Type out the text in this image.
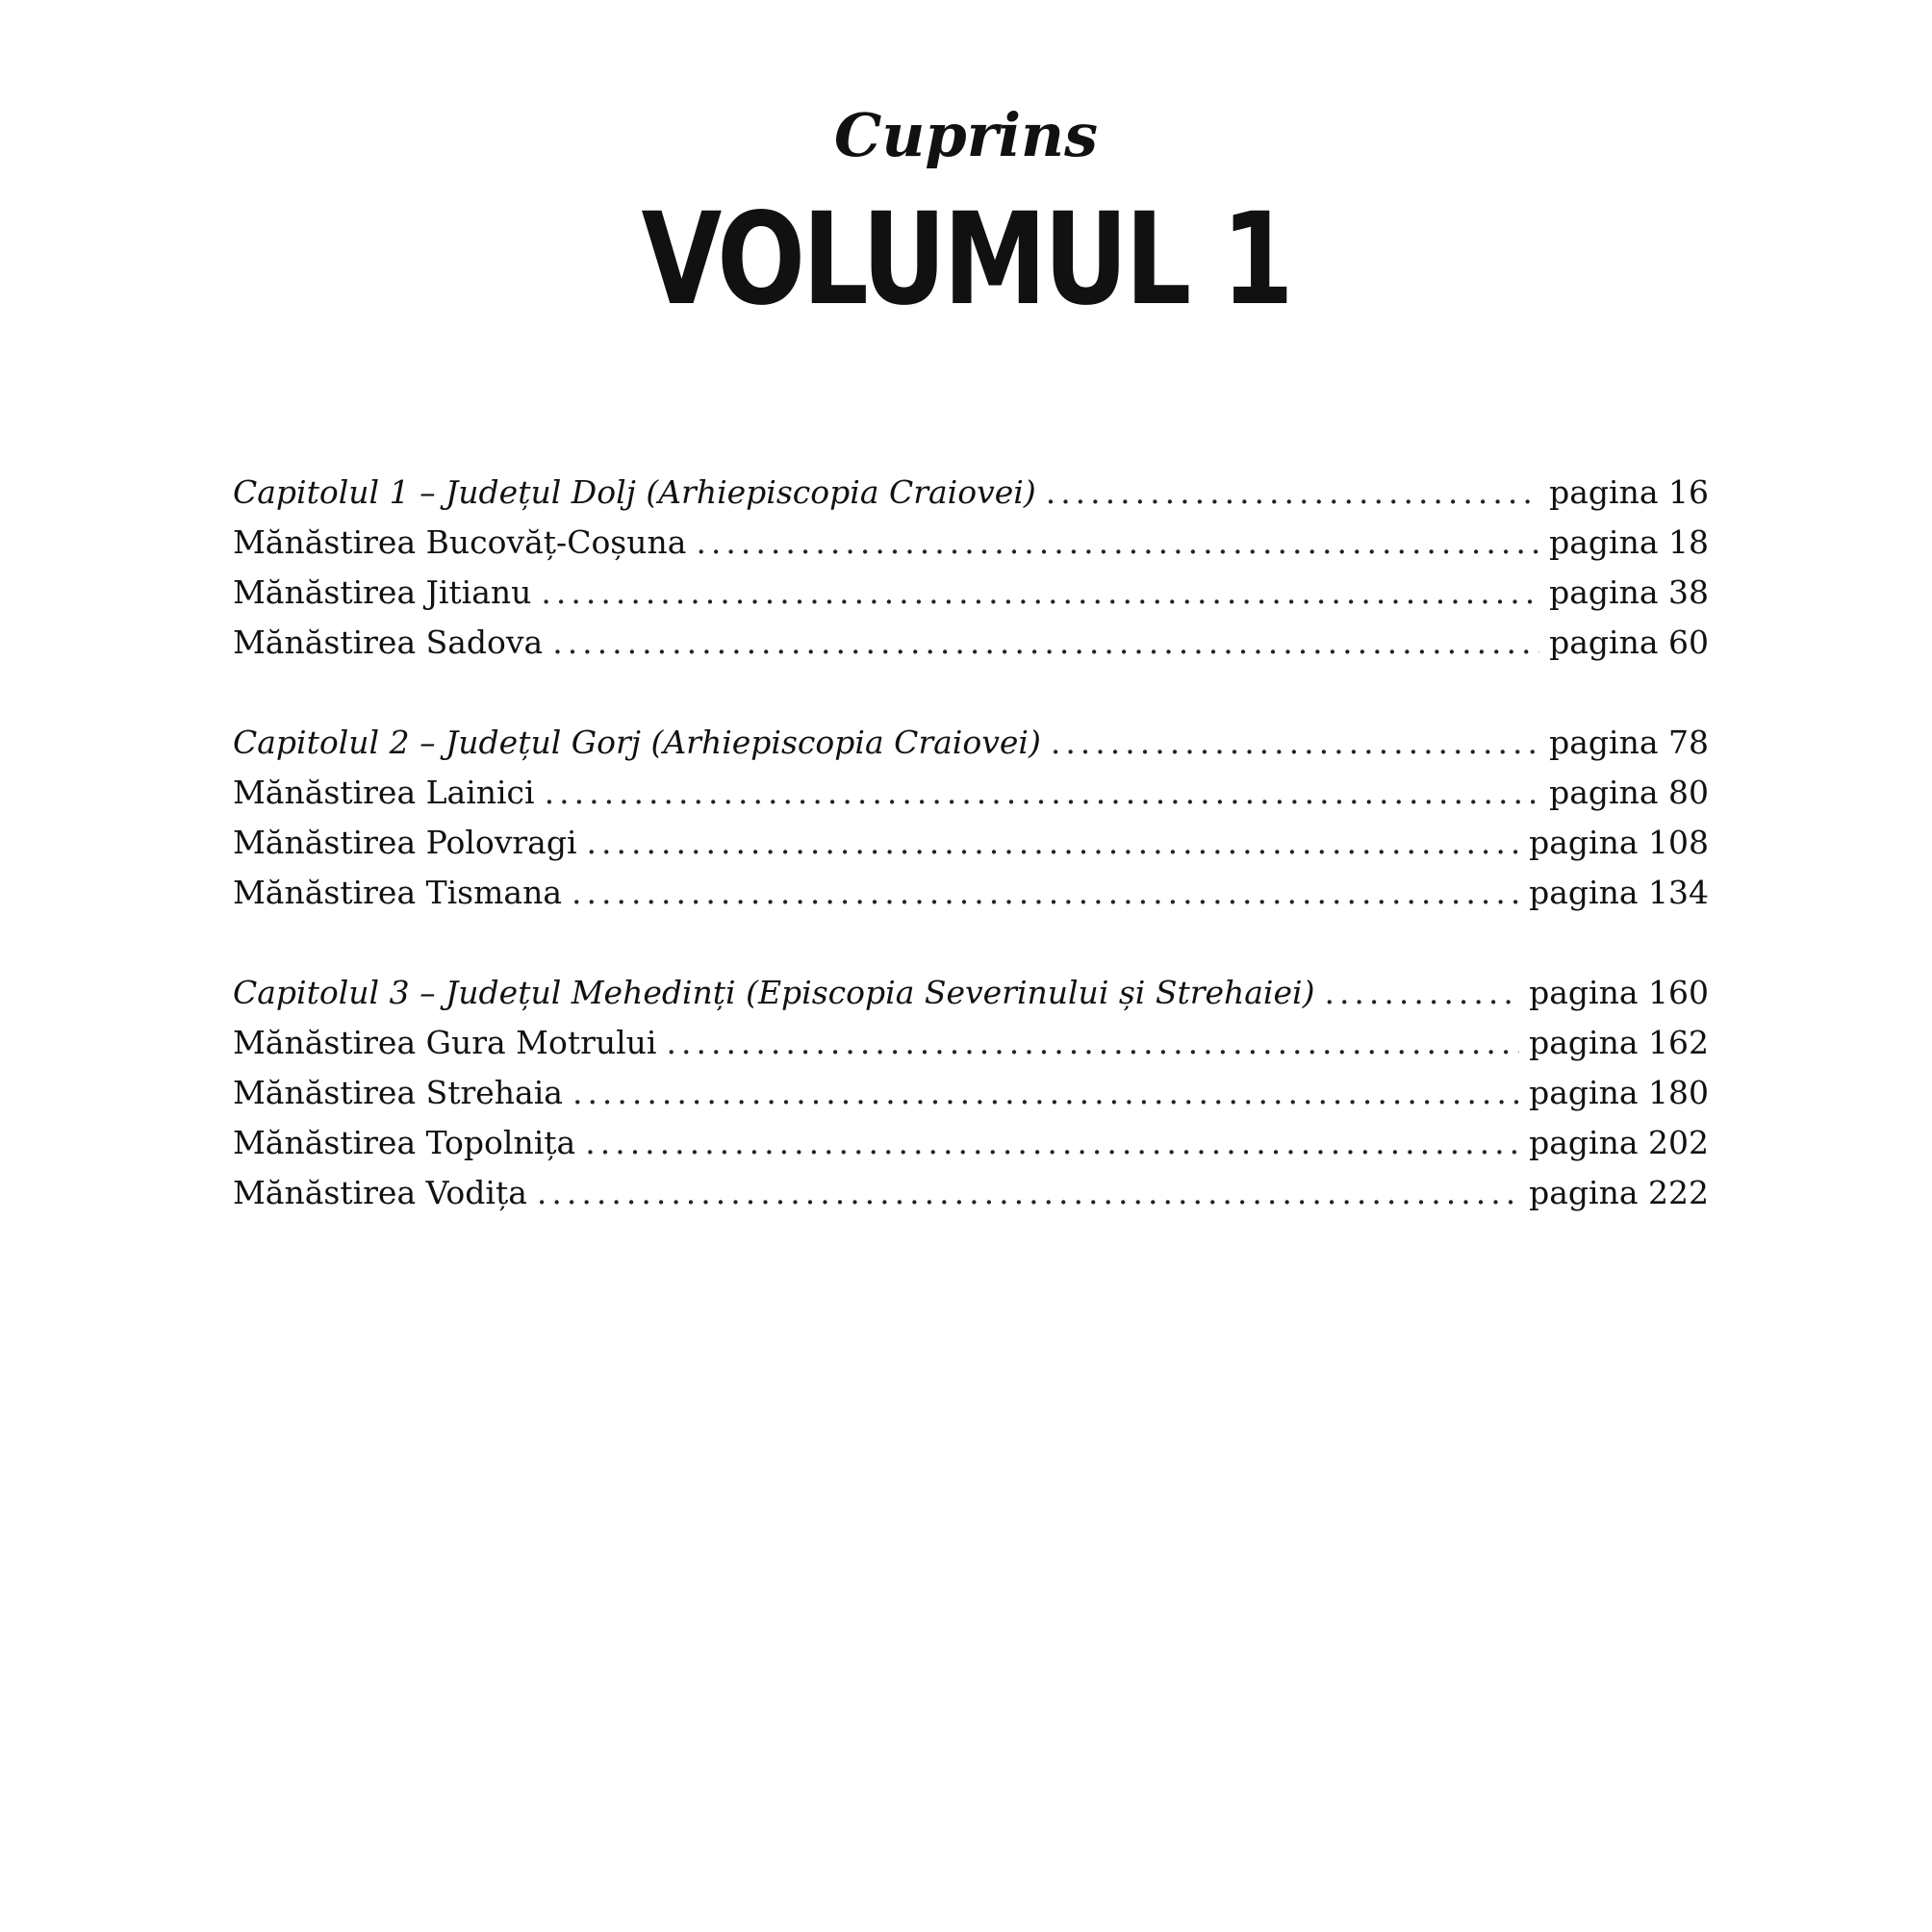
Cuprins
VOLUMUL 1
Capitolul 1 – Județul Dolj (Arhiepiscopia Craiovei) .....	pagina 16
Mănăstirea Bucovăț-Coșuna .....	pagina 18
Mănăstirea Jitianu .....	pagina 38
Mănăstirea Sadova .....	pagina 60
Capitolul 2 – Județul Gorj (Arhiepiscopia Craiovei) .....	pagina 78
Mănăstirea Lainici .....	pagina 80
Mănăstirea Polovragi .....	pagina 108
Mănăstirea Tismana .....	pagina 134
Capitolul 3 – Județul Mehedinți (Episcopia Severinului și Strehaiei) .....	pagina 160
Mănăstirea Gura Motrului .....	pagina 162
Mănăstirea Strehaia .....	pagina 180
Mănăstirea Topolnița .....	pagina 202
Mănăstirea Vodița .....	pagina 222
